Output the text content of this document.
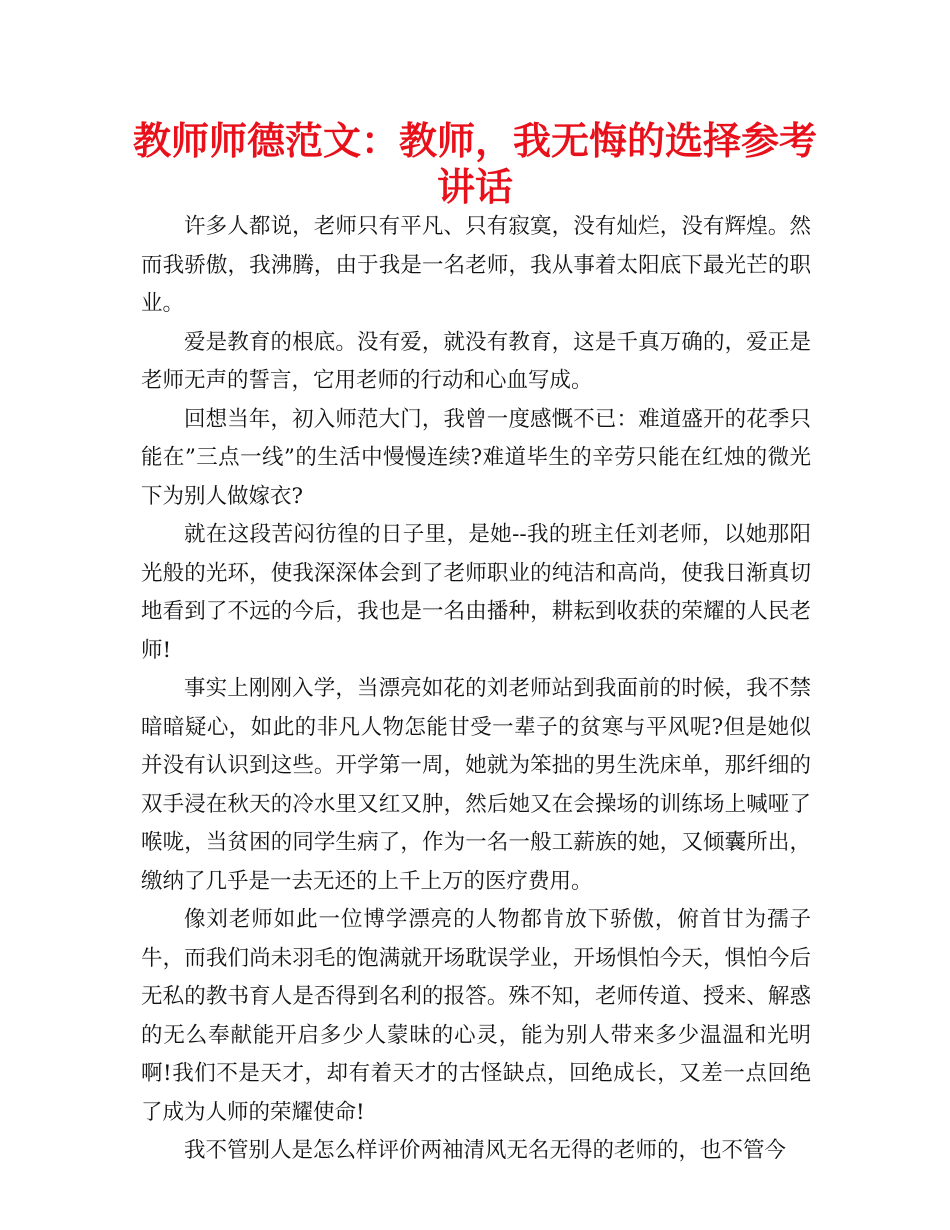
教师师德范文：教师，我无悔的选择参考讲话

许多人都说，老师只有平凡、只有寂寞，没有灿烂，没有辉煌。然而我骄傲，我沸腾，由于我是一名老师，我从事着太阳底下最光芒的职业。

爱是教育的根底。没有爱，就没有教育，这是千真万确的，爱正是老师无声的誓言，它用老师的行动和心血写成。

回想当年，初入师范大门，我曾一度感慨不已：难道盛开的花季只能在”三点一线”的生活中慢慢连续?难道毕生的辛劳只能在红烛的微光下为别人做嫁衣?

就在这段苦闷彷徨的日子里，是她--我的班主任刘老师，以她那阳光般的光环，使我深深体会到了老师职业的纯洁和高尚，使我日渐真切地看到了不远的今后，我也是一名由播种，耕耘到收获的荣耀的人民老师!

事实上刚刚入学，当漂亮如花的刘老师站到我面前的时候，我不禁暗暗疑心，如此的非凡人物怎能甘受一辈子的贫寒与平风呢?但是她似并没有认识到这些。开学第一周，她就为笨拙的男生洗床单，那纤细的双手浸在秋天的冷水里又红又肿，然后她又在会操场的训练场上喊哑了喉咙，当贫困的同学生病了，作为一名一般工薪族的她，又倾囊所出，缴纳了几乎是一去无还的上千上万的医疗费用。

像刘老师如此一位博学漂亮的人物都肯放下骄傲，俯首甘为孺子牛，而我们尚未羽毛的饱满就开场耽误学业，开场惧怕今天，惧怕今后无私的教书育人是否得到名利的报答。殊不知，老师传道、授来、解惑的无么奉献能开启多少人蒙昧的心灵，能为别人带来多少温温和光明啊!我们不是天才，却有着天才的古怪缺点，回绝成长，又差一点回绝了成为人师的荣耀使命!

我不管别人是怎么样评价两袖清风无名无得的老师的，也不管今
